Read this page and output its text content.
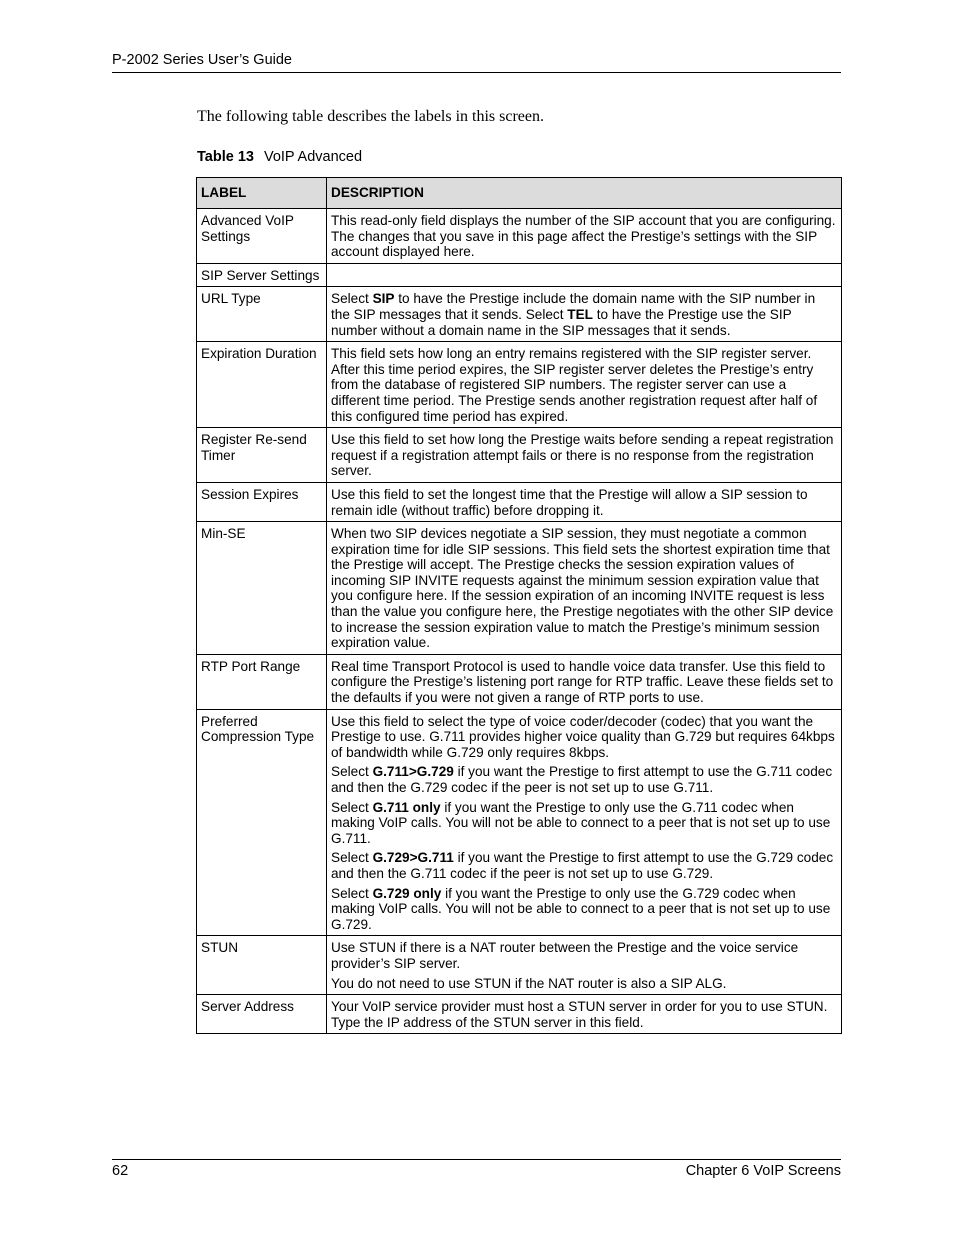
P-2002 Series User’s Guide
The following table describes the labels in this screen.
Table 13 VoIP Advanced
LABEL	DESCRIPTION
Advanced VoIP Settings	This read-only field displays the number of the SIP account that you are configuring. The changes that you save in this page affect the Prestige’s settings with the SIP account displayed here.

SIP Server Settings	
URL Type	Select SIP to have the Prestige include the domain name with the SIP number in the SIP messages that it sends. Select TEL to have the Prestige use the SIP number without a domain name in the SIP messages that it sends.

Expiration Duration	This field sets how long an entry remains registered with the SIP register server. After this time period expires, the SIP register server deletes the Prestige’s entry from the database of registered SIP numbers. The register server can use a different time period. The Prestige sends another registration request after half of this configured time period has expired.

Register Re-send Timer	Use this field to set how long the Prestige waits before sending a repeat registration request if a registration attempt fails or there is no response from the registration server.

Session Expires	Use this field to set the longest time that the Prestige will allow a SIP session to remain idle (without traffic) before dropping it.

Min-SE	When two SIP devices negotiate a SIP session, they must negotiate a common expiration time for idle SIP sessions. This field sets the shortest expiration time that the Prestige will accept. The Prestige checks the session expiration values of incoming SIP INVITE requests against the minimum session expiration value that you configure here. If the session expiration of an incoming INVITE request is less than the value you configure here, the Prestige negotiates with the other SIP device to increase the session expiration value to match the Prestige’s minimum session expiration value.

RTP Port Range	Real time Transport Protocol is used to handle voice data transfer. Use this field to configure the Prestige’s listening port range for RTP traffic. Leave these fields set to the defaults if you were not given a range of RTP ports to use.

Preferred Compression Type	Use this field to select the type of voice coder/decoder (codec) that you want the Prestige to use. G.711 provides higher voice quality than G.729 but requires 64kbps of bandwidth while G.729 only requires 8kbps.

Select G.711>G.729 if you want the Prestige to first attempt to use the G.711 codec and then the G.729 codec if the peer is not set up to use G.711.

Select G.711 only if you want the Prestige to only use the G.711 codec when making VoIP calls. You will not be able to connect to a peer that is not set up to use G.711.

Select G.729>G.711 if you want the Prestige to first attempt to use the G.729 codec and then the G.711 codec if the peer is not set up to use G.729.

Select G.729 only if you want the Prestige to only use the G.729 codec when making VoIP calls. You will not be able to connect to a peer that is not set up to use G.729.

STUN	Use STUN if there is a NAT router between the Prestige and the voice service provider’s SIP server.

You do not need to use STUN if the NAT router is also a SIP ALG.

Server Address	Your VoIP service provider must host a STUN server in order for you to use STUN. Type the IP address of the STUN server in this field.

62	Chapter 6 VoIP Screens
